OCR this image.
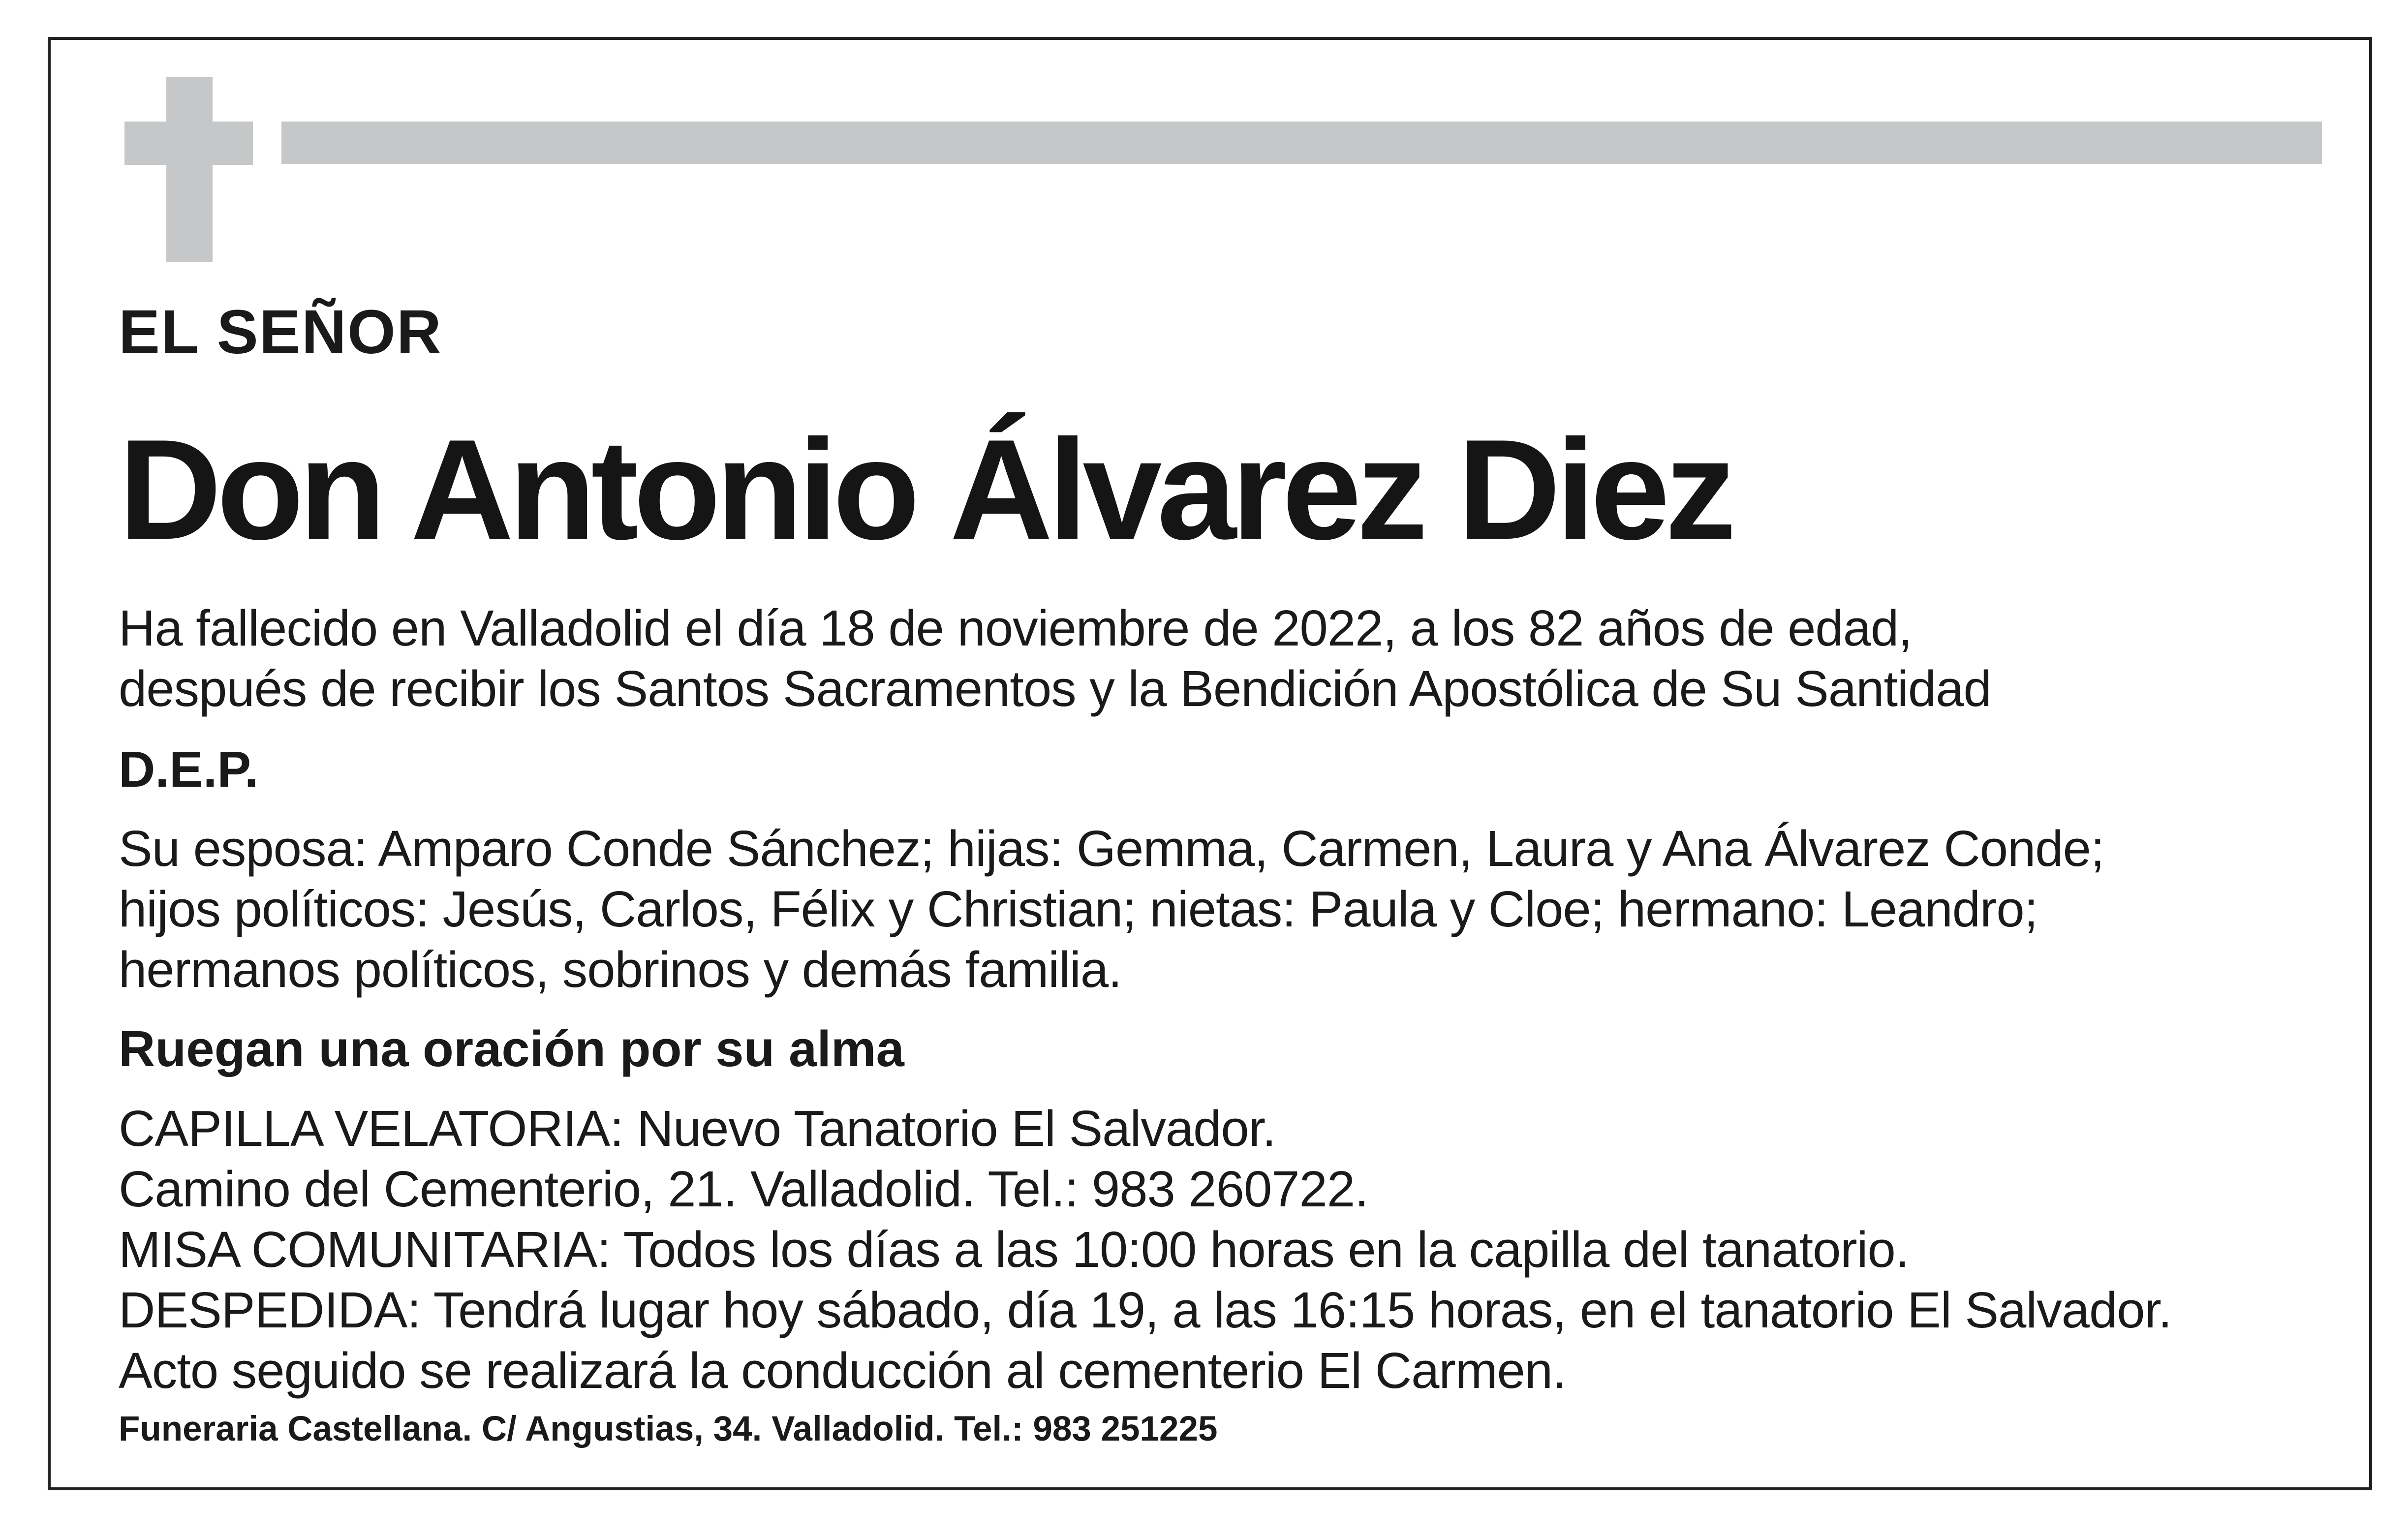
EL SEÑOR

Don Antonio Álvarez Diez
Ha fallecido en Valladolid el día 18 de noviembre de 2022, a los 82 años de edad,
después de recibir los Santos Sacramentos y la Bendición Apostólica de Su Santidad

D.E.P.

Su esposa: Amparo Conde Sánchez; hijas: Gemma, Carmen, Laura y Ana Álvarez Conde;
hijos políticos: Jesús, Carlos, Félix y Christian; nietas: Paula y Cloe; hermano: Leandro;
hermanos políticos, sobrinos y demás familia.

Ruegan una oración por su alma

CAPILLA VELATORIA: Nuevo Tanatorio El Salvador.
Camino del Cementerio, 21. Valladolid. Tel.: 983 260722.
MISA COMUNITARIA: Todos los días a las 10:00 horas en la capilla del tanatorio.
DESPEDIDA: Tendrá lugar hoy sábado, día 19, a las 16:15 horas, en el tanatorio El Salvador.
Acto seguido se realizará la conducción al cementerio El Carmen.

Funeraria Castellana. C/ Angustias, 34. Valladolid. Tel.: 983 251225
